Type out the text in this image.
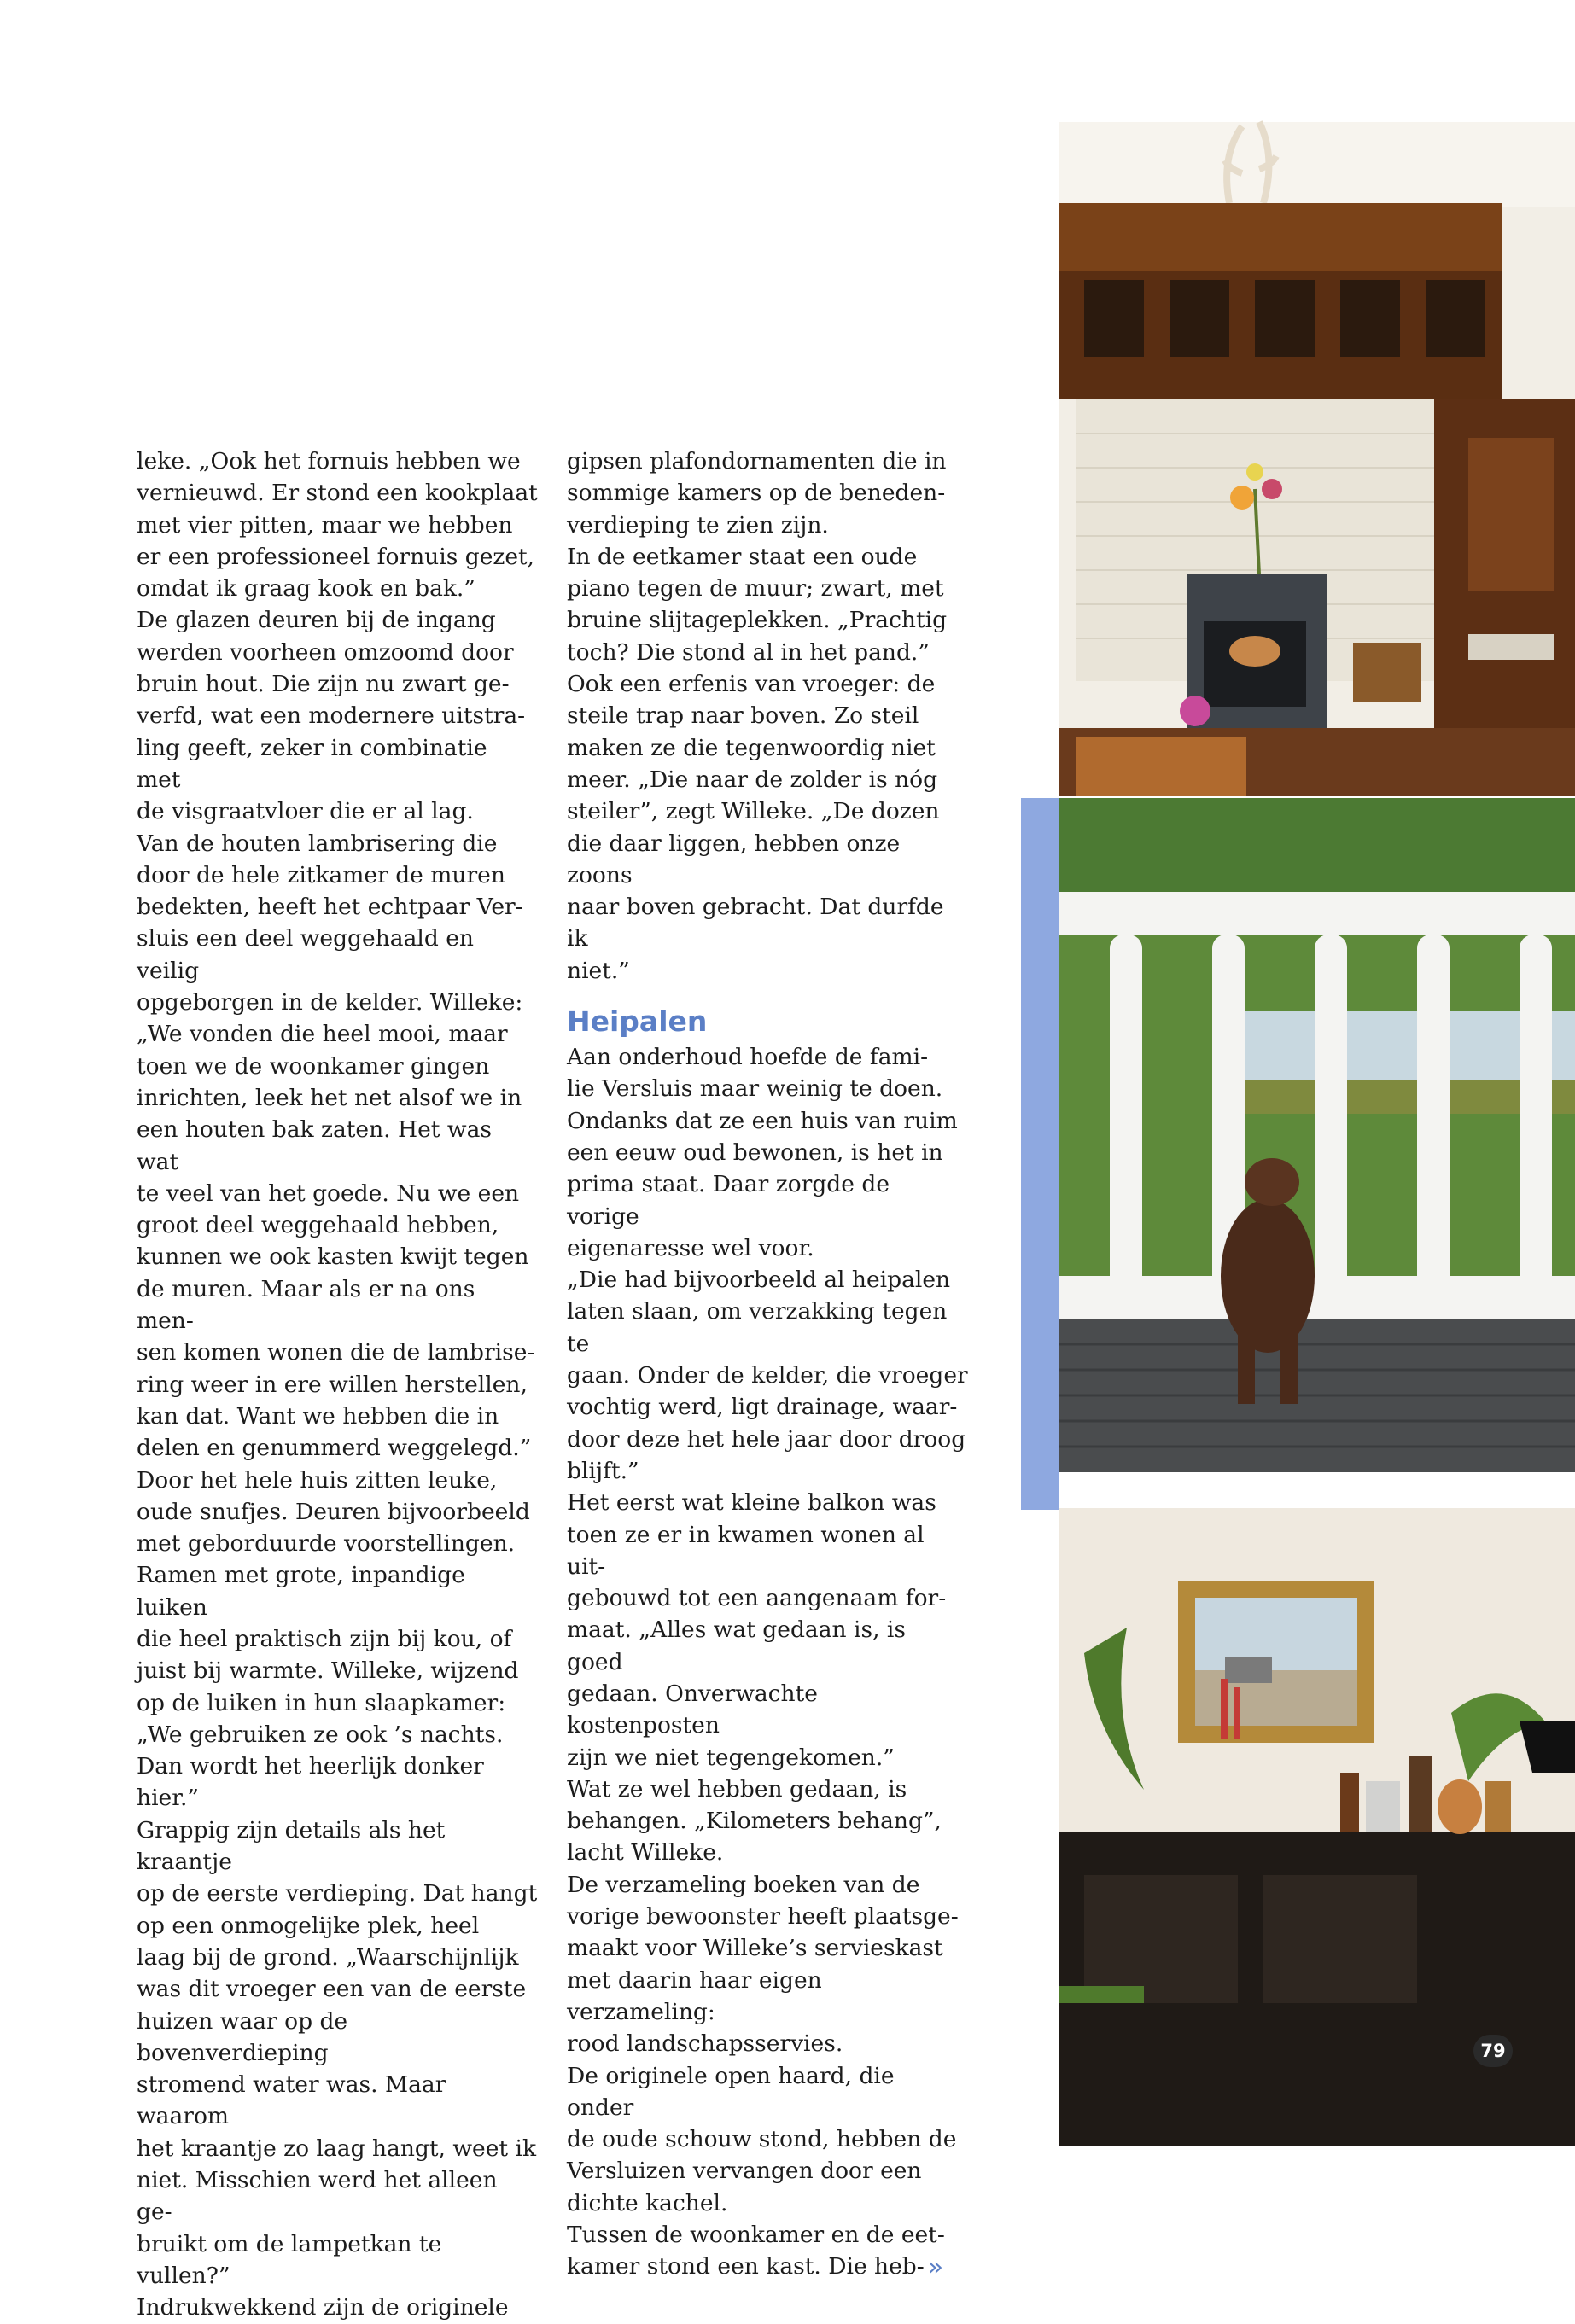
leke. „Ook het fornuis hebben we
vernieuwd. Er stond een kookplaat
met vier pitten, maar we hebben
er een professioneel fornuis gezet,
omdat ik graag kook en bak.”
De glazen deuren bij de ingang
werden voorheen omzoomd door
bruin hout. Die zijn nu zwart ge-
verfd, wat een modernere uitstra-
ling geeft, zeker in combinatie met
de visgraatvloer die er al lag.
Van de houten lambrisering die
door de hele zitkamer de muren
bedekten, heeft het echtpaar Ver-
sluis een deel weggehaald en veilig
opgeborgen in de kelder. Willeke:
„We vonden die heel mooi, maar
toen we de woonkamer gingen
inrichten, leek het net alsof we in
een houten bak zaten. Het was wat
te veel van het goede. Nu we een
groot deel weggehaald hebben,
kunnen we ook kasten kwijt tegen
de muren. Maar als er na ons men-
sen komen wonen die de lambrise-
ring weer in ere willen herstellen,
kan dat. Want we hebben die in
delen en genummerd weggelegd.”
Door het hele huis zitten leuke,
oude snufjes. Deuren bijvoorbeeld
met geborduurde voorstellingen.
Ramen met grote, inpandige luiken
die heel praktisch zijn bij kou, of
juist bij warmte. Willeke, wijzend
op de luiken in hun slaapkamer:
„We gebruiken ze ook ’s nachts.
Dan wordt het heerlijk donker
hier.”
Grappig zijn details als het kraantje
op de eerste verdieping. Dat hangt
op een onmogelijke plek, heel
laag bij de grond. „Waarschijnlijk
was dit vroeger een van de eerste
huizen waar op de bovenverdieping
stromend water was. Maar waarom
het kraantje zo laag hangt, weet ik
niet. Misschien werd het alleen ge-
bruikt om de lampetkan te vullen?”
Indrukwekkend zijn de originele

gipsen plafondornamenten die in
sommige kamers op de beneden-
verdieping te zien zijn.
In de eetkamer staat een oude
piano tegen de muur; zwart, met
bruine slijtageplekken. „Prachtig
toch? Die stond al in het pand.”
Ook een erfenis van vroeger: de
steile trap naar boven. Zo steil
maken ze die tegenwoordig niet
meer. „Die naar de zolder is nóg
steiler”, zegt Willeke. „De dozen
die daar liggen, hebben onze zoons
naar boven gebracht. Dat durfde ik
niet.”

Heipalen

Aan onderhoud hoefde de fami-
lie Versluis maar weinig te doen.
Ondanks dat ze een huis van ruim
een eeuw oud bewonen, is het in
prima staat. Daar zorgde de vorige
eigenaresse wel voor.
„Die had bijvoorbeeld al heipalen
laten slaan, om verzakking tegen te
gaan. Onder de kelder, die vroeger
vochtig werd, ligt drainage, waar-
door deze het hele jaar door droog
blijft.”
Het eerst wat kleine balkon was
toen ze er in kwamen wonen al uit-
gebouwd tot een aangenaam for-
maat. „Alles wat gedaan is, is goed
gedaan. Onverwachte kostenposten
zijn we niet tegengekomen.”
Wat ze wel hebben gedaan, is
behangen. „Kilometers behang”,
lacht Willeke.
De verzameling boeken van de
vorige bewoonster heeft plaatsge-
maakt voor Willeke’s servieskast
met daarin haar eigen verzameling:
rood landschapsservies.
De originele open haard, die onder
de oude schouw stond, hebben de
Versluizen vervangen door een
dichte kachel.
Tussen de woonkamer en de eet-
kamer stond een kast. Die heb- »

79
